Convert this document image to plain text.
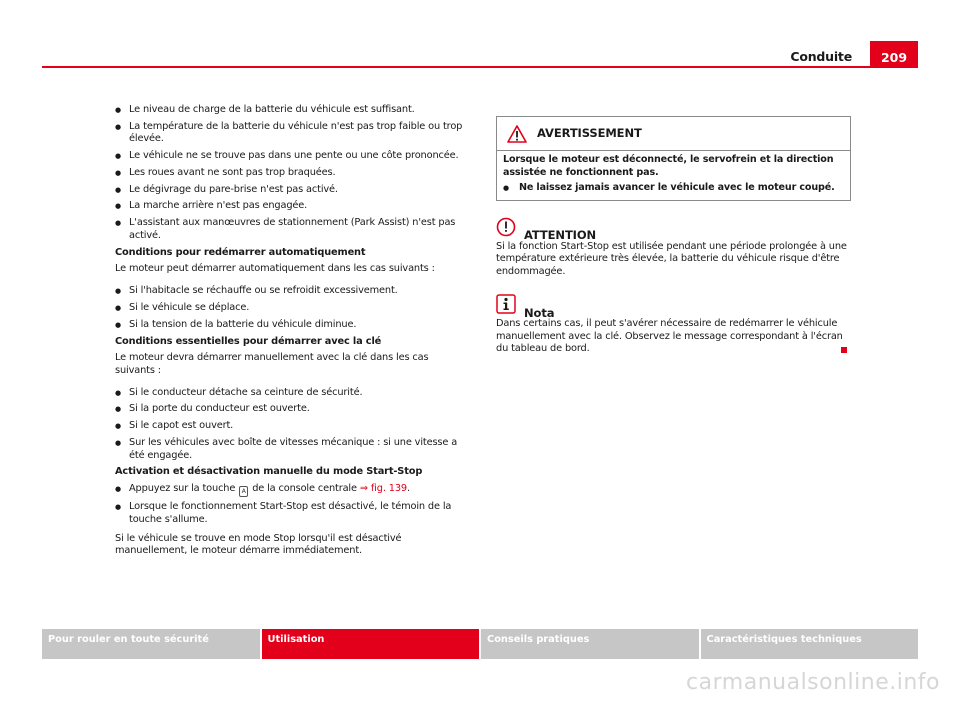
Conduite	209
● Le niveau de charge de la batterie du véhicule est suffisant.
● La température de la batterie du véhicule n'est pas trop faible ou trop élevée.
● Le véhicule ne se trouve pas dans une pente ou une côte prononcée.
● Les roues avant ne sont pas trop braquées.
● Le dégivrage du pare-brise n'est pas activé.
● La marche arrière n'est pas engagée.
● L'assistant aux manœuvres de stationnement (Park Assist) n'est pas activé.
Conditions pour redémarrer automatiquement
Le moteur peut démarrer automatiquement dans les cas suivants :
● Si l'habitacle se réchauffe ou se refroidit excessivement.
● Si le véhicule se déplace.
● Si la tension de la batterie du véhicule diminue.
Conditions essentielles pour démarrer avec la clé
Le moteur devra démarrer manuellement avec la clé dans les cas suivants :
● Si le conducteur détache sa ceinture de sécurité.
● Si la porte du conducteur est ouverte.
● Si le capot est ouvert.
● Sur les véhicules avec boîte de vitesses mécanique : si une vitesse a été engagée.
Activation et désactivation manuelle du mode Start-Stop
● Appuyez sur la touche A de la console centrale ⇒ fig. 139.
● Lorsque le fonctionnement Start-Stop est désactivé, le témoin de la touche s'allume.
Si le véhicule se trouve en mode Stop lorsqu'il est désactivé manuellement, le moteur démarre immédiatement.
AVERTISSEMENT
Lorsque le moteur est déconnecté, le servofrein et la direction assistée ne fonctionnent pas.
● Ne laissez jamais avancer le véhicule avec le moteur coupé.
ATTENTION
Si la fonction Start-Stop est utilisée pendant une période prolongée à une température extérieure très élevée, la batterie du véhicule risque d'être endommagée.
Nota
Dans certains cas, il peut s'avérer nécessaire de redémarrer le véhicule manuellement avec la clé. Observez le message correspondant à l'écran du tableau de bord.
Pour rouler en toute sécurité	Utilisation	Conseils pratiques	Caractéristiques techniques
carmanualsonline.info
